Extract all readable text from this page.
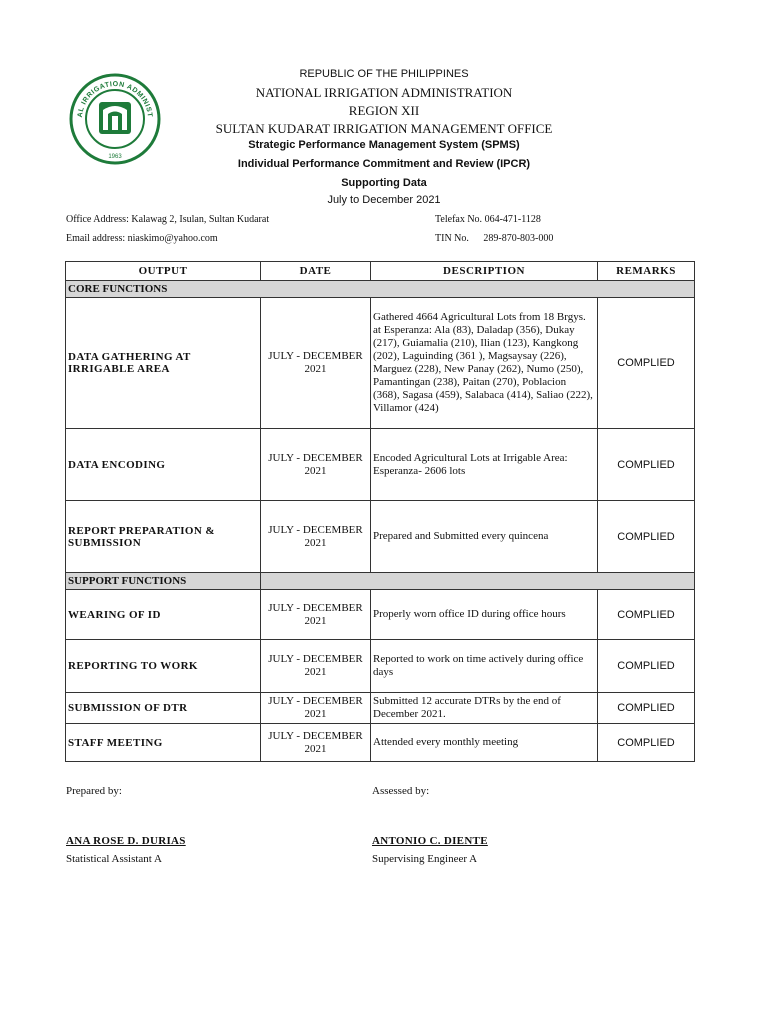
AL IRRIGATION ADMINIST
1963
REPUBLIC OF THE PHILIPPINES
NATIONAL IRRIGATION ADMINISTRATION
REGION XII
SULTAN KUDARAT IRRIGATION MANAGEMENT OFFICE
Strategic Performance Management System (SPMS)
Individual Performance Commitment and Review (IPCR)
Supporting Data
July to December 2021
Office Address: Kalawag 2, Isulan, Sultan Kudarat	Telefax No. 064-471-1128
Email address: niaskimo@yahoo.com	TIN No. 289-870-803-000
OUTPUT	DATE	DESCRIPTION	REMARKS
CORE FUNCTIONS			
DATA GATHERING AT IRRIGABLE AREA	JULY - DECEMBER 2021	Gathered 4664 Agricultural Lots from 18 Brgys. at Esperanza: Ala (83), Daladap (356), Dukay (217), Guiamalia (210), Ilian (123), Kangkong (202), Laguinding (361 ), Magsaysay (226), Marguez (228), New Panay (262), Numo (250), Pamantingan (238), Paitan (270), Poblacion (368), Sagasa (459), Salabaca (414), Saliao (222), Villamor (424)	COMPLIED
DATA ENCODING	JULY - DECEMBER 2021	Encoded Agricultural Lots at Irrigable Area: Esperanza- 2606 lots	COMPLIED
REPORT PREPARATION & SUBMISSION	JULY - DECEMBER 2021	Prepared and Submitted every quincena	COMPLIED
SUPPORT FUNCTIONS			
WEARING OF ID	JULY - DECEMBER 2021	Properly worn office ID during office hours	COMPLIED
REPORTING TO WORK	JULY - DECEMBER 2021	Reported to work on time actively during office days	COMPLIED
SUBMISSION OF DTR	JULY - DECEMBER 2021	Submitted 12 accurate DTRs by the end of December 2021.	COMPLIED
STAFF MEETING	JULY - DECEMBER 2021	Attended every monthly meeting	COMPLIED
Prepared by:	Assessed by:
ANA ROSE D. DURIAS	ANTONIO C. DIENTE
Statistical Assistant A	Supervising Engineer A
